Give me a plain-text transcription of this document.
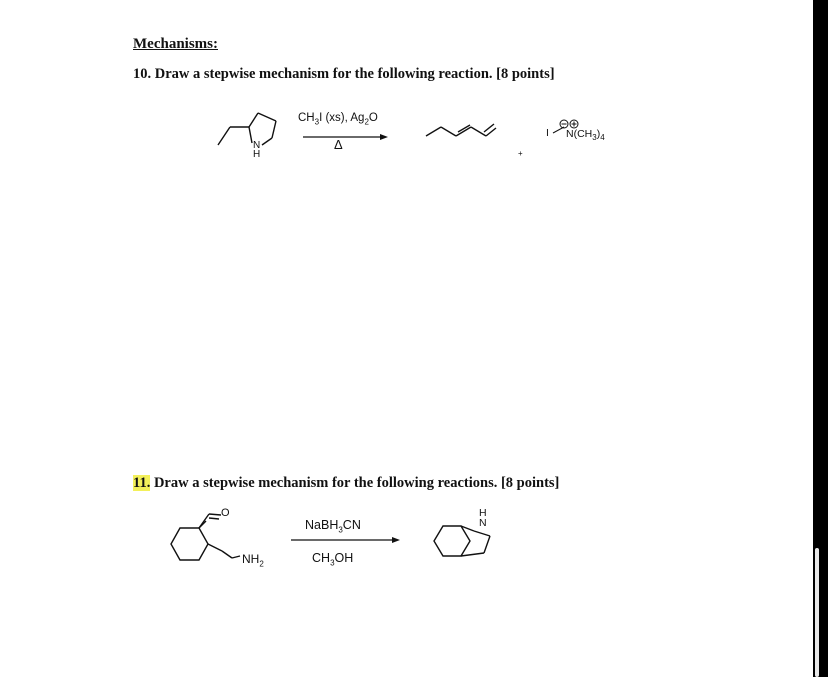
Mechanisms:
10. Draw a stepwise mechanism for the following reaction. [8 points]
11. Draw a stepwise mechanism for the following reactions. [8 points]
N
H
$CH_3I$ (xs), $Ag_2O$
Δ
+
I $N(CH_3)_4$
O
$NH_2$
NaBH$_3$CN
$CH_3OH$
H
N
